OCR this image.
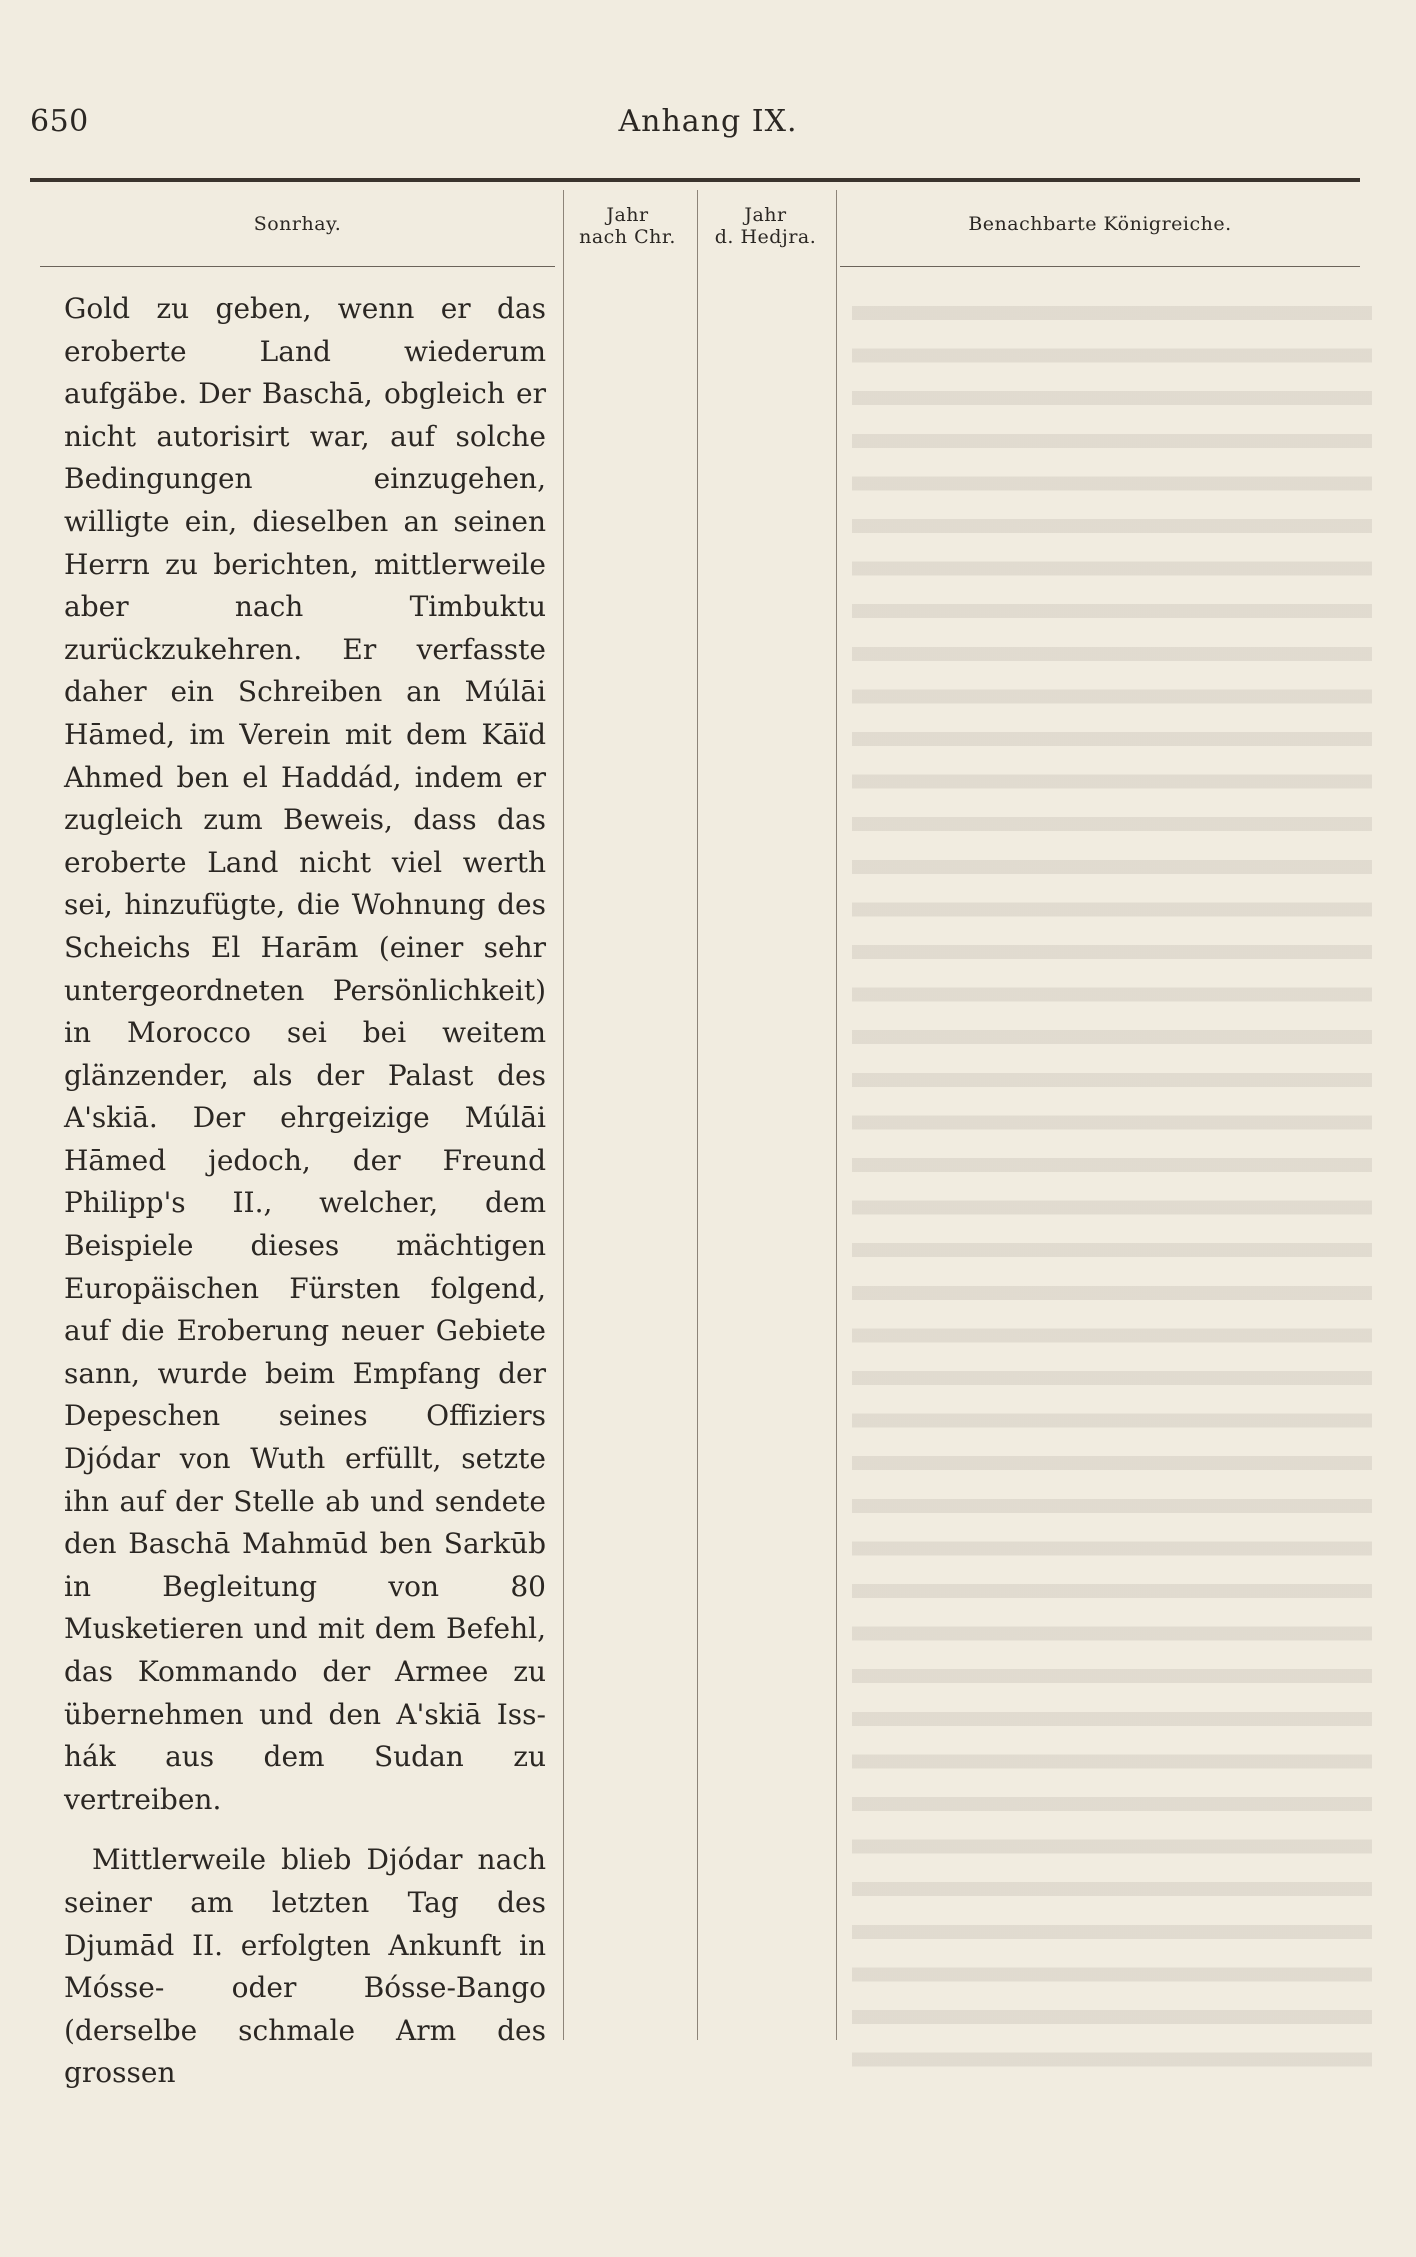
650	Anhang IX.
Sonrhay.	Jahr
nach Chr.
Jahr
d. Hedjra.
Benachbarte Königreiche.

Gold zu geben, wenn er das eroberte Land wiederum aufgäbe. Der Baschā, obgleich er nicht autorisirt war, auf solche Bedingungen einzugehen, willigte ein, dieselben an seinen Herrn zu berichten, mittlerweile aber nach Timbuktu zurückzukehren. Er verfasste daher ein Schreiben an Múlāi Hāmed, im Verein mit dem Kāïd Ahmed ben el Haddád, indem er zugleich zum Beweis, dass das eroberte Land nicht viel werth sei, hinzufügte, die Wohnung des Scheichs El Harām (einer sehr untergeordneten Persönlichkeit) in Morocco sei bei weitem glänzender, als der Palast des A'skiā. Der ehrgeizige Múlāi Hāmed jedoch, der Freund Philipp's II., welcher, dem Beispiele dieses mächtigen Europäischen Fürsten folgend, auf die Eroberung neuer Gebiete sann, wurde beim Empfang der Depeschen seines Offiziers Djódar von Wuth erfüllt, setzte ihn auf der Stelle ab und sendete den Baschā Mahmūd ben Sarkūb in Begleitung von 80 Musketieren und mit dem Befehl, das Kommando der Armee zu übernehmen und den A'skiā Iss-hák aus dem Sudan zu vertreiben.

Mittlerweile blieb Djódar nach seiner am letzten Tag des Djumād II. erfolgten Ankunft in Mósse- oder Bósse-Bango (derselbe schmale Arm des grossen
